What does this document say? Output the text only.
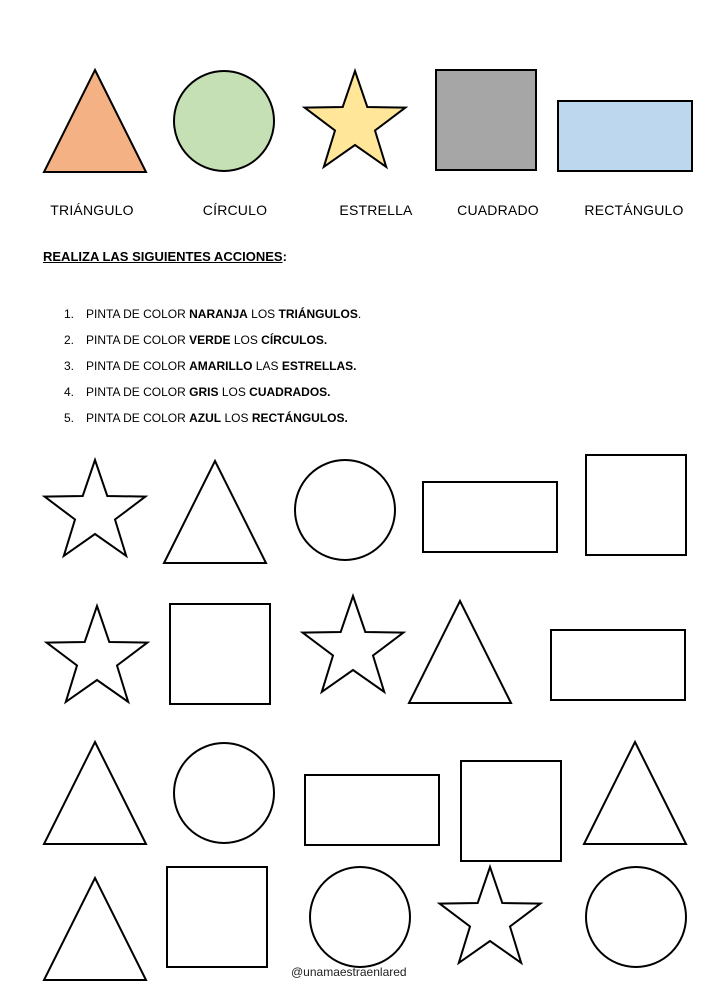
TRIÁNGULO	CÍRCULO	ESTRELLA	CUADRADO	RECTÁNGULO
REALIZA LAS SIGUIENTES ACCIONES:
1. PINTA DE COLOR NARANJA LOS TRIÁNGULOS.
2. PINTA DE COLOR VERDE LOS CÍRCULOS.
3. PINTA DE COLOR AMARILLO LAS ESTRELLAS.
4. PINTA DE COLOR GRIS LOS CUADRADOS.
5. PINTA DE COLOR AZUL LOS RECTÁNGULOS.
@unamaestraenlared
